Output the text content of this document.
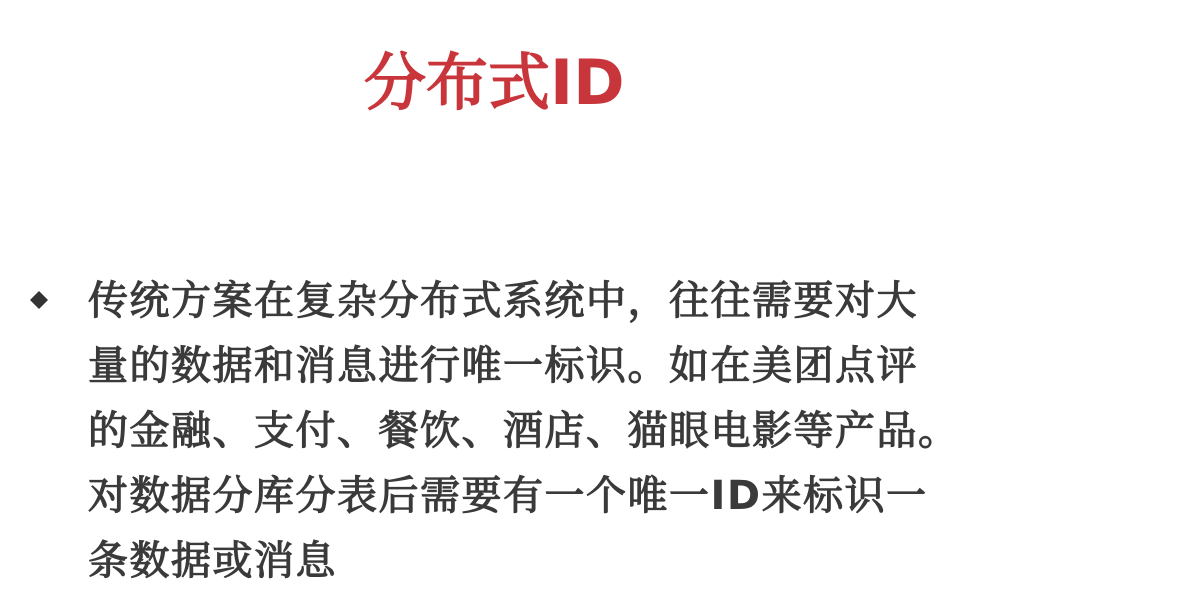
分布式ID

传统方案在复杂分布式系统中，往往需要对大
量的数据和消息进行唯一标识。如在美团点评
的金融、支付、餐饮、酒店、猫眼电影等产品。
对数据分库分表后需要有一个唯一ID来标识一
条数据或消息
